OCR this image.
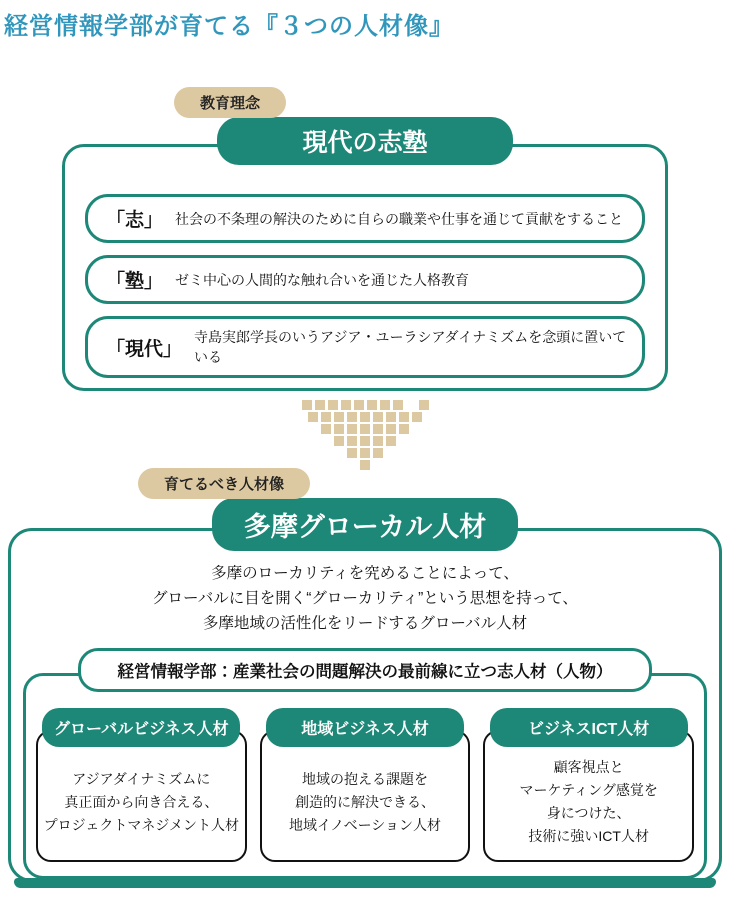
経営情報学部が育てる『３つの人材像』
教育理念
現代の志塾
「志」 社会の不条理の解決のために自らの職業や仕事を通じて貢献をすること
「塾」 ゼミ中心の人間的な触れ合いを通じた人格教育
「現代」
寺島実郎学長のいうアジア・ユーラシアダイナミズムを念頭に置いている
育てるべき人材像
多摩グローカル人材
多摩のローカリティを究めることによって、
グローバルに目を開く“グローカリティ”という思想を持って、
多摩地域の活性化をリードするグローバル人材
経営情報学部：産業社会の問題解決の最前線に立つ志人材（人物）
グローバルビジネス人材
アジアダイナミズムに
真正面から向き合える、
プロジェクトマネジメント人材
地域ビジネス人材
地域の抱える課題を
創造的に解決できる、
地域イノベーション人材
ビジネスICT人材
顧客視点と
マーケティング感覚を
身につけた、
技術に強いICT人材
